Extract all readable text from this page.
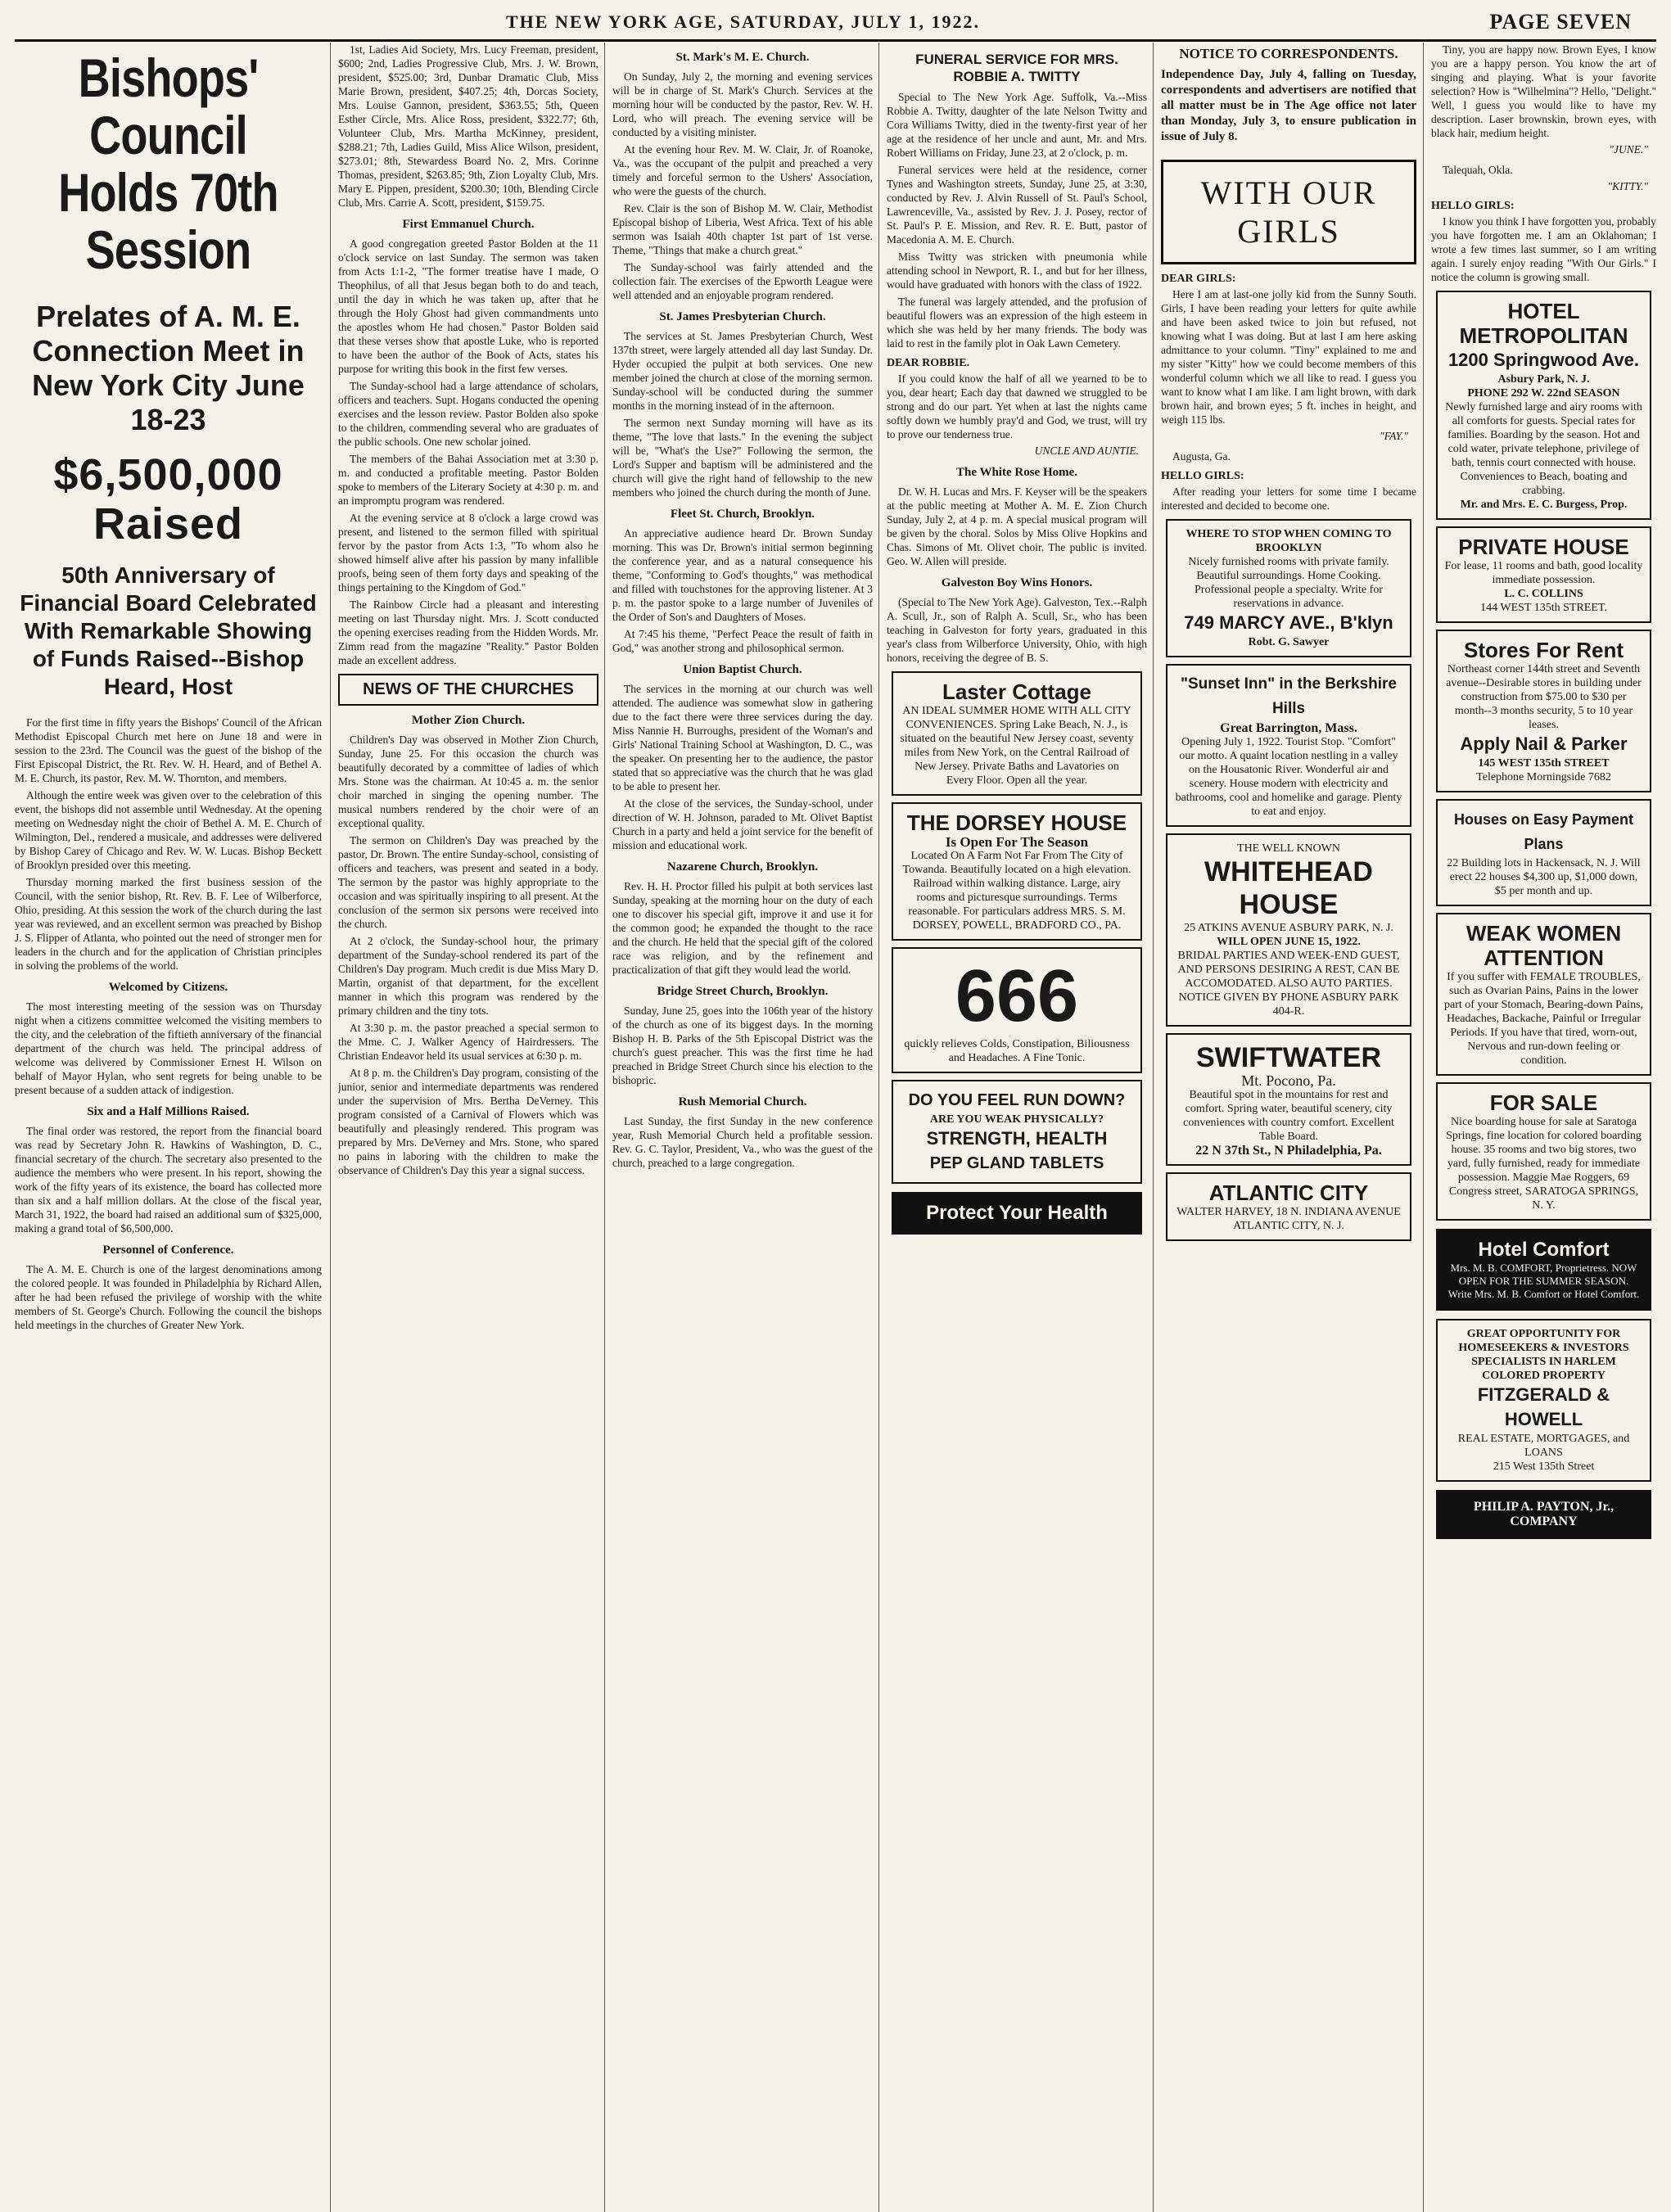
THE NEW YORK AGE, SATURDAY, JULY 1, 1922.	PAGE SEVEN
Bishops' Council Holds 70th Session
Prelates of A. M. E. Connection Meet in New York City June 18-23
$6,500,000 Raised
50th Anniversary of Financial Board Celebrated With Remarkable Showing of Funds Raised--Bishop Heard, Host

For the first time in fifty years the Bishops' Council of the African Methodist Episcopal Church met here on June 18 and were in session to the 23rd. The Council was the guest of the bishop of the First Episcopal District, the Rt. Rev. W. H. Heard, and of Bethel A. M. E. Church, its pastor, Rev. M. W. Thornton, and members.

Although the entire week was given over to the celebration of this event, the bishops did not assemble until Wednesday. At the opening meeting on Wednesday night the choir of Bethel A. M. E. Church of Wilmington, Del., rendered a musicale, and addresses were delivered by Bishop Carey of Chicago and Rev. W. W. Lucas. Bishop Beckett of Brooklyn presided over this meeting.

Thursday morning marked the first business session of the Council, with the senior bishop, Rt. Rev. B. F. Lee of Wilberforce, Ohio, presiding. At this session the work of the church during the last year was reviewed, and an excellent sermon was preached by Bishop J. S. Flipper of Atlanta, who pointed out the need of stronger men for leaders in the church and for the application of Christian principles in solving the problems of the world.

Welcomed by Citizens.

The most interesting meeting of the session was on Thursday night when a citizens committee welcomed the visiting members to the city, and the celebration of the fiftieth anniversary of the financial department of the church was held. The principal address of welcome was delivered by Commissioner Ernest H. Wilson on behalf of Mayor Hylan, who sent regrets for being unable to be present because of a sudden attack of indigestion.

Six and a Half Millions Raised.

The final order was restored, the report from the financial board was read by Secretary John R. Hawkins of Washington, D. C., financial secretary of the church. The secretary also presented to the audience the members who were present. In his report, showing the work of the fifty years of its existence, the board has collected more than six and a half million dollars. At the close of the fiscal year, March 31, 1922, the board had raised an additional sum of $325,000, making a grand total of $6,500,000.

Personnel of Conference.

The A. M. E. Church is one of the largest denominations among the colored people. It was founded in Philadelphia by Richard Allen, after he had been refused the privilege of worship with the white members of St. George's Church. Following the council the bishops held meetings in the churches of Greater New York.

1st, Ladies Aid Society, Mrs. Lucy Freeman, president, $600; 2nd, Ladies Progressive Club, Mrs. J. W. Brown, president, $525.00; 3rd, Dunbar Dramatic Club, Miss Marie Brown, president, $407.25; 4th, Dorcas Society, Mrs. Louise Gannon, president, $363.55; 5th, Queen Esther Circle, Mrs. Alice Ross, president, $322.77; 6th, Volunteer Club, Mrs. Martha McKinney, president, $288.21; 7th, Ladies Guild, Miss Alice Wilson, president, $273.01; 8th, Stewardess Board No. 2, Mrs. Corinne Thomas, president, $263.85; 9th, Zion Loyalty Club, Mrs. Mary E. Pippen, president, $200.30; 10th, Blending Circle Club, Mrs. Carrie A. Scott, president, $159.75.

First Emmanuel Church.

A good congregation greeted Pastor Bolden at the 11 o'clock service on last Sunday. The sermon was taken from Acts 1:1-2, "The former treatise have I made, O Theophilus, of all that Jesus began both to do and teach, until the day in which he was taken up, after that he through the Holy Ghost had given commandments unto the apostles whom He had chosen." Pastor Bolden said that these verses show that apostle Luke, who is reported to have been the author of the Book of Acts, states his purpose for writing this book in the first few verses.

The Sunday-school had a large attendance of scholars, officers and teachers. Supt. Hogans conducted the opening exercises and the lesson review. Pastor Bolden also spoke to the children, commending several who are graduates of the public schools. One new scholar joined.

The members of the Bahai Association met at 3:30 p. m. and conducted a profitable meeting. Pastor Bolden spoke to members of the Literary Society at 4:30 p. m. and an impromptu program was rendered.

At the evening service at 8 o'clock a large crowd was present, and listened to the sermon filled with spiritual fervor by the pastor from Acts 1:3, "To whom also he showed himself alive after his passion by many infallible proofs, being seen of them forty days and speaking of the things pertaining to the Kingdom of God."

The Rainbow Circle had a pleasant and interesting meeting on last Thursday night. Mrs. J. Scott conducted the opening exercises reading from the Hidden Words. Mr. Zimm read from the magazine "Reality." Pastor Bolden made an excellent address.

NEWS OF THE CHURCHES
Mother Zion Church.

Children's Day was observed in Mother Zion Church, Sunday, June 25. For this occasion the church was beautifully decorated by a committee of ladies of which Mrs. Stone was the chairman. At 10:45 a. m. the senior choir marched in singing the opening number. The musical numbers rendered by the choir were of an exceptional quality.

The sermon on Children's Day was preached by the pastor, Dr. Brown. The entire Sunday-school, consisting of officers and teachers, was present and seated in a body. The sermon by the pastor was highly appropriate to the occasion and was spiritually inspiring to all present. At the conclusion of the sermon six persons were received into the church.

At 2 o'clock, the Sunday-school hour, the primary department of the Sunday-school rendered its part of the Children's Day program. Much credit is due Miss Mary D. Martin, organist of that department, for the excellent manner in which this program was rendered by the primary children and the tiny tots.

At 3:30 p. m. the pastor preached a special sermon to the Mme. C. J. Walker Agency of Hairdressers. The Christian Endeavor held its usual services at 6:30 p. m.

At 8 p. m. the Children's Day program, consisting of the junior, senior and intermediate departments was rendered under the supervision of Mrs. Bertha DeVerney. This program consisted of a Carnival of Flowers which was beautifully and pleasingly rendered. This program was prepared by Mrs. DeVerney and Mrs. Stone, who spared no pains in laboring with the children to make the observance of Children's Day this year a signal success.

St. Mark's M. E. Church.

On Sunday, July 2, the morning and evening services will be in charge of St. Mark's Church. Services at the morning hour will be conducted by the pastor, Rev. W. H. Lord, who will preach. The evening service will be conducted by a visiting minister.

At the evening hour Rev. M. W. Clair, Jr. of Roanoke, Va., was the occupant of the pulpit and preached a very timely and forceful sermon to the Ushers' Association, who were the guests of the church.

Rev. Clair is the son of Bishop M. W. Clair, Methodist Episcopal bishop of Liberia, West Africa. Text of his able sermon was Isaiah 40th chapter 1st part of 1st verse. Theme, "Things that make a church great."

The Sunday-school was fairly attended and the collection fair. The exercises of the Epworth League were well attended and an enjoyable program rendered.

St. James Presbyterian Church.

The services at St. James Presbyterian Church, West 137th street, were largely attended all day last Sunday. Dr. Hyder occupied the pulpit at both services. One new member joined the church at close of the morning sermon. Sunday-school will be conducted during the summer months in the morning instead of in the afternoon.

The sermon next Sunday morning will have as its theme, "The love that lasts." In the evening the subject will be, "What's the Use?" Following the sermon, the Lord's Supper and baptism will be administered and the church will give the right hand of fellowship to the new members who joined the church during the month of June.

Fleet St. Church, Brooklyn.

An appreciative audience heard Dr. Brown Sunday morning. This was Dr. Brown's initial sermon beginning the conference year, and as a natural consequence his theme, "Conforming to God's thoughts," was methodical and filled with touchstones for the approving listener. At 3 p. m. the pastor spoke to a large number of Juveniles of the Order of Son's and Daughters of Moses.

At 7:45 his theme, "Perfect Peace the result of faith in God," was another strong and philosophical sermon.

Union Baptist Church.

The services in the morning at our church was well attended. The audience was somewhat slow in gathering due to the fact there were three services during the day. Miss Nannie H. Burroughs, president of the Woman's and Girls' National Training School at Washington, D. C., was the speaker. On presenting her to the audience, the pastor stated that so appreciative was the church that he was glad to be able to present her.

At the close of the services, the Sunday-school, under direction of W. H. Johnson, paraded to Mt. Olivet Baptist Church in a party and held a joint service for the benefit of mission and educational work.

Nazarene Church, Brooklyn.

Rev. H. H. Proctor filled his pulpit at both services last Sunday, speaking at the morning hour on the duty of each one to discover his special gift, improve it and use it for the common good; he expanded the thought to the race and the church. He held that the special gift of the colored race was religion, and by the refinement and practicalization of that gift they would lead the world.

Bridge Street Church, Brooklyn.

Sunday, June 25, goes into the 106th year of the history of the church as one of its biggest days. In the morning Bishop H. B. Parks of the 5th Episcopal District was the church's guest preacher. This was the first time he had preached in Bridge Street Church since his election to the bishopric.

Rush Memorial Church.

Last Sunday, the first Sunday in the new conference year, Rush Memorial Church held a profitable session. Rev. G. C. Taylor, President, Va., who was the guest of the church, preached to a large congregation.

FUNERAL SERVICE FOR MRS. ROBBIE A. TWITTY

Special to The New York Age. Suffolk, Va.--Miss Robbie A. Twitty, daughter of the late Nelson Twitty and Cora Williams Twitty, died in the twenty-first year of her age at the residence of her uncle and aunt, Mr. and Mrs. Robert Williams on Friday, June 23, at 2 o'clock, p. m.

Funeral services were held at the residence, corner Tynes and Washington streets, Sunday, June 25, at 3:30, conducted by Rev. J. Alvin Russell of St. Paul's School, Lawrenceville, Va., assisted by Rev. J. J. Posey, rector of St. Paul's P. E. Mission, and Rev. R. E. Butt, pastor of Macedonia A. M. E. Church.

Miss Twitty was stricken with pneumonia while attending school in Newport, R. I., and but for her illness, would have graduated with honors with the class of 1922.

The funeral was largely attended, and the profusion of beautiful flowers was an expression of the high esteem in which she was held by her many friends. The body was laid to rest in the family plot in Oak Lawn Cemetery.

DEAR ROBBIE.

If you could know the half of all we yearned to be to you, dear heart; Each day that dawned we struggled to be strong and do our part. Yet when at last the nights came softly down we humbly pray'd and God, we trust, will try to prove our tenderness true.

UNCLE AND AUNTIE.
The White Rose Home.

Dr. W. H. Lucas and Mrs. F. Keyser will be the speakers at the public meeting at Mother A. M. E. Zion Church Sunday, July 2, at 4 p. m. A special musical program will be given by the choral. Solos by Miss Olive Hopkins and Chas. Simons of Mt. Olivet choir. The public is invited. Geo. W. Allen will preside.

Galveston Boy Wins Honors.

(Special to The New York Age). Galveston, Tex.--Ralph A. Scull, Jr., son of Ralph A. Scull, Sr., who has been teaching in Galveston for forty years, graduated in this year's class from Wilberforce University, Ohio, with high honors, receiving the degree of B. S.

Laster Cottage
AN IDEAL SUMMER HOME WITH ALL CITY CONVENIENCES. Spring Lake Beach, N. J., is situated on the beautiful New Jersey coast, seventy miles from New York, on the Central Railroad of New Jersey. Private Baths and Lavatories on Every Floor. Open all the year.
THE DORSEY HOUSE
Is Open For The Season
Located On A Farm Not Far From The City of Towanda. Beautifully located on a high elevation. Railroad within walking distance. Large, airy rooms and picturesque surroundings. Terms reasonable. For particulars address MRS. S. M. DORSEY, POWELL, BRADFORD CO., PA.
666
quickly relieves Colds, Constipation, Biliousness and Headaches. A Fine Tonic.
DO YOU FEEL RUN DOWN?
ARE YOU WEAK PHYSICALLY?
STRENGTH, HEALTH
PEP GLAND TABLETS
Protect Your Health
NOTICE TO CORRESPONDENTS.
Independence Day, July 4, falling on Tuesday, correspondents and advertisers are notified that all matter must be in The Age office not later than Monday, July 3, to ensure publication in issue of July 8.
WITH OUR GIRLS
DEAR GIRLS:

Here I am at last-one jolly kid from the Sunny South. Girls, I have been reading your letters for quite awhile and have been asked twice to join but refused, not knowing what I was doing. But at last I am here asking admittance to your column. "Tiny" explained to me and my sister "Kitty" how we could become members of this wonderful column which we all like to read. I guess you want to know what I am like. I am light brown, with dark brown hair, and brown eyes; 5 ft. inches in height, and weigh 115 lbs.

"FAY."

Augusta, Ga.

HELLO GIRLS:

After reading your letters for some time I became interested and decided to become one.

WHERE TO STOP WHEN COMING TO BROOKLYN
Nicely furnished rooms with private family. Beautiful surroundings. Home Cooking. Professional people a specialty. Write for reservations in advance.
749 MARCY AVE., B'klyn
Robt. G. Sawyer
"Sunset Inn" in the Berkshire Hills
Great Barrington, Mass.
Opening July 1, 1922. Tourist Stop. "Comfort" our motto. A quaint location nestling in a valley on the Housatonic River. Wonderful air and scenery. House modern with electricity and bathrooms, cool and homelike and garage. Plenty to eat and enjoy.
THE WELL KNOWN
WHITEHEAD HOUSE
25 ATKINS AVENUE ASBURY PARK, N. J.
WILL OPEN JUNE 15, 1922.
BRIDAL PARTIES AND WEEK-END GUEST, AND PERSONS DESIRING A REST, CAN BE ACCOMODATED. ALSO AUTO PARTIES. NOTICE GIVEN BY PHONE ASBURY PARK 404-R.
SWIFTWATER
Mt. Pocono, Pa.
Beautiful spot in the mountains for rest and comfort. Spring water, beautiful scenery, city conveniences with country comfort. Excellent Table Board.
22 N 37th St., N Philadelphia, Pa.
ATLANTIC CITY
WALTER HARVEY, 18 N. INDIANA AVENUE ATLANTIC CITY, N. J.

Tiny, you are happy now. Brown Eyes, I know you are a happy person. You know the art of singing and playing. What is your favorite selection? How is "Wilhelmina"? Hello, "Delight." Well, I guess you would like to have my description. Laser brownskin, brown eyes, with black hair, medium height.

"JUNE."

Talequah, Okla.

"KITTY."
HELLO GIRLS:

I know you think I have forgotten you, probably you have forgotten me. I am an Oklahoman; I wrote a few times last summer, so I am writing again. I surely enjoy reading "With Our Girls." I notice the column is growing small.

HOTEL METROPOLITAN
1200 Springwood Ave.
Asbury Park, N. J.
PHONE 292 W. 22nd SEASON
Newly furnished large and airy rooms with all comforts for guests. Special rates for families. Boarding by the season. Hot and cold water, private telephone, privilege of bath, tennis court connected with house. Conveniences to Beach, boating and crabbing.
Mr. and Mrs. E. C. Burgess, Prop.
PRIVATE HOUSE
For lease, 11 rooms and bath, good locality immediate possession.
L. C. COLLINS
144 WEST 135th STREET.
Stores For Rent
Northeast corner 144th street and Seventh avenue--Desirable stores in building under construction from $75.00 to $30 per month--3 months security, 5 to 10 year leases.
Apply Nail & Parker
145 WEST 135th STREET
Telephone Morningside 7682
Houses on Easy Payment Plans
22 Building lots in Hackensack, N. J. Will erect 22 houses $4,300 up, $1,000 down, $5 per month and up.
WEAK WOMEN ATTENTION
If you suffer with FEMALE TROUBLES, such as Ovarian Pains, Pains in the lower part of your Stomach, Bearing-down Pains, Headaches, Backache, Painful or Irregular Periods. If you have that tired, worn-out, Nervous and run-down feeling or condition.
FOR SALE
Nice boarding house for sale at Saratoga Springs, fine location for colored boarding house. 35 rooms and two big stores, two yard, fully furnished, ready for immediate possession. Maggie Mae Roggers, 69 Congress street, SARATOGA SPRINGS, N. Y.
Hotel Comfort
Mrs. M. B. COMFORT, Proprietress. NOW OPEN FOR THE SUMMER SEASON. Write Mrs. M. B. Comfort or Hotel Comfort.
GREAT OPPORTUNITY FOR HOMESEEKERS & INVESTORS SPECIALISTS IN HARLEM COLORED PROPERTY
FITZGERALD & HOWELL
REAL ESTATE, MORTGAGES, and LOANS
215 West 135th Street
PHILIP A. PAYTON, Jr., COMPANY
